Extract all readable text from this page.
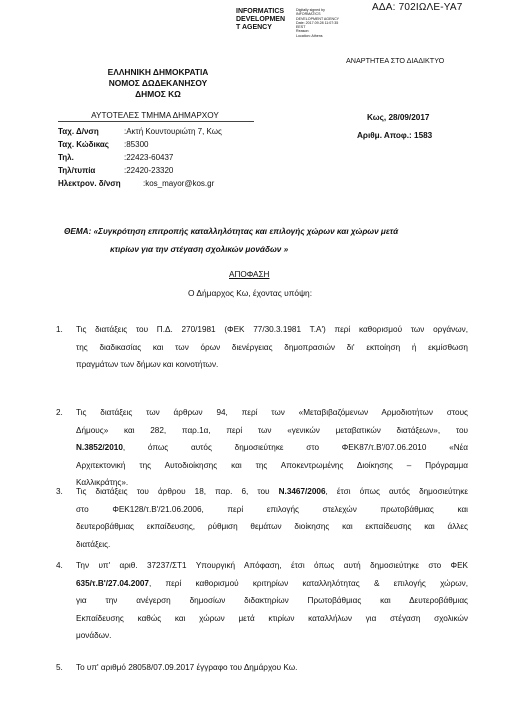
ΑΔΑ: 702ΙΩΛΕ-ΥΑ7
INFORMATICS
DEVELOPMEN
T AGENCY
Digitally signed by
INFORMATICS
DEVELOPMENT AGENCY
Date: 2017.09.28 11:07:35
EEST
Reason:
Location: Athens
ΑΝΑΡΤΗΤΕΑ ΣΤΟ ΔΙΑΔΙΚΤΥΟ
ΕΛΛΗΝΙΚΗ ΔΗΜΟΚΡΑΤΙΑ
ΝΟΜΟΣ ΔΩΔΕΚΑΝΗΣΟΥ
ΔΗΜΟΣ ΚΩ
ΑΥΤΟΤΕΛΕΣ ΤΜΗΜΑ ΔΗΜΑΡΧΟΥ
Ταχ. Δ/νση	:Ακτή Κουντουριώτη 7, Κως
Ταχ. Κώδικας :85300
Τηλ.	:22423-60437
Τηλ/τυπία	:22420-23320
Ηλεκτρον. δ/νση	:kos_mayor@kos.gr
Κως, 28/09/2017
Αριθμ. Αποφ.: 1583
ΘΕΜΑ: «Συγκρότηση επιτροπής καταλληλότητας και επιλογής χώρων και χώρων μετά
κτιρίων για την στέγαση σχολικών μονάδων »
ΑΠΟΦΑΣΗ
Ο Δήμαρχος Κω, έχοντας υπόψη:
1.	Τις διατάξεις του Π.Δ. 270/1981 (ΦΕΚ 77/30.3.1981 Τ.Α') περί καθορισμού των οργάνων,
της διαδικασίας και των όρων διενέργειας δημοπρασιών δι' εκποίηση ή εκμίσθωση
πραγμάτων των δήμων και κοινοτήτων.
2.	Τις διατάξεις των άρθρων 94, περί των «Μεταβιβαζόμενων Αρμοδιοτήτων στους
Δήμους» και 282, παρ.1α, περί των «γενικών μεταβατικών διατάξεων», του
Ν.3852/2010, όπως αυτός δημοσιεύτηκε στο ΦΕΚ87/τ.Β'/07.06.2010 «Νέα
Αρχιτεκτονική της Αυτοδιοίκησης και της Αποκεντρωμένης Διοίκησης – Πρόγραμμα
Καλλικράτης».
3.	Τις διατάξεις του άρθρου 18, παρ. 6, του Ν.3467/2006, έτσι όπως αυτός δημοσιεύτηκε
στο ΦΕΚ128/τ.Β'/21.06.2006, περί επιλογής στελεχών πρωτοβάθμιας και
δευτεροβάθμιας εκπαίδευσης, ρύθμιση θεμάτων διοίκησης και εκπαίδευσης και άλλες
διατάξεις.
4.	Την υπ' αριθ. 37237/ΣΤ1 Υπουργική Απόφαση, έτσι όπως αυτή δημοσιεύτηκε στο ΦΕΚ
635/τ.Β'/27.04.2007, περί καθορισμού κριτηρίων καταλληλότητας & επιλογής χώρων,
για την ανέγερση δημοσίων διδακτηρίων Πρωτοβάθμιας και Δευτεροβάθμιας
Εκπαίδευσης καθώς και χώρων μετά κτιρίων καταλλήλων για στέγαση σχολικών
μονάδων.
5.	Το υπ' αριθμό 28058/07.09.2017 έγγραφο του Δημάρχου Κω.
